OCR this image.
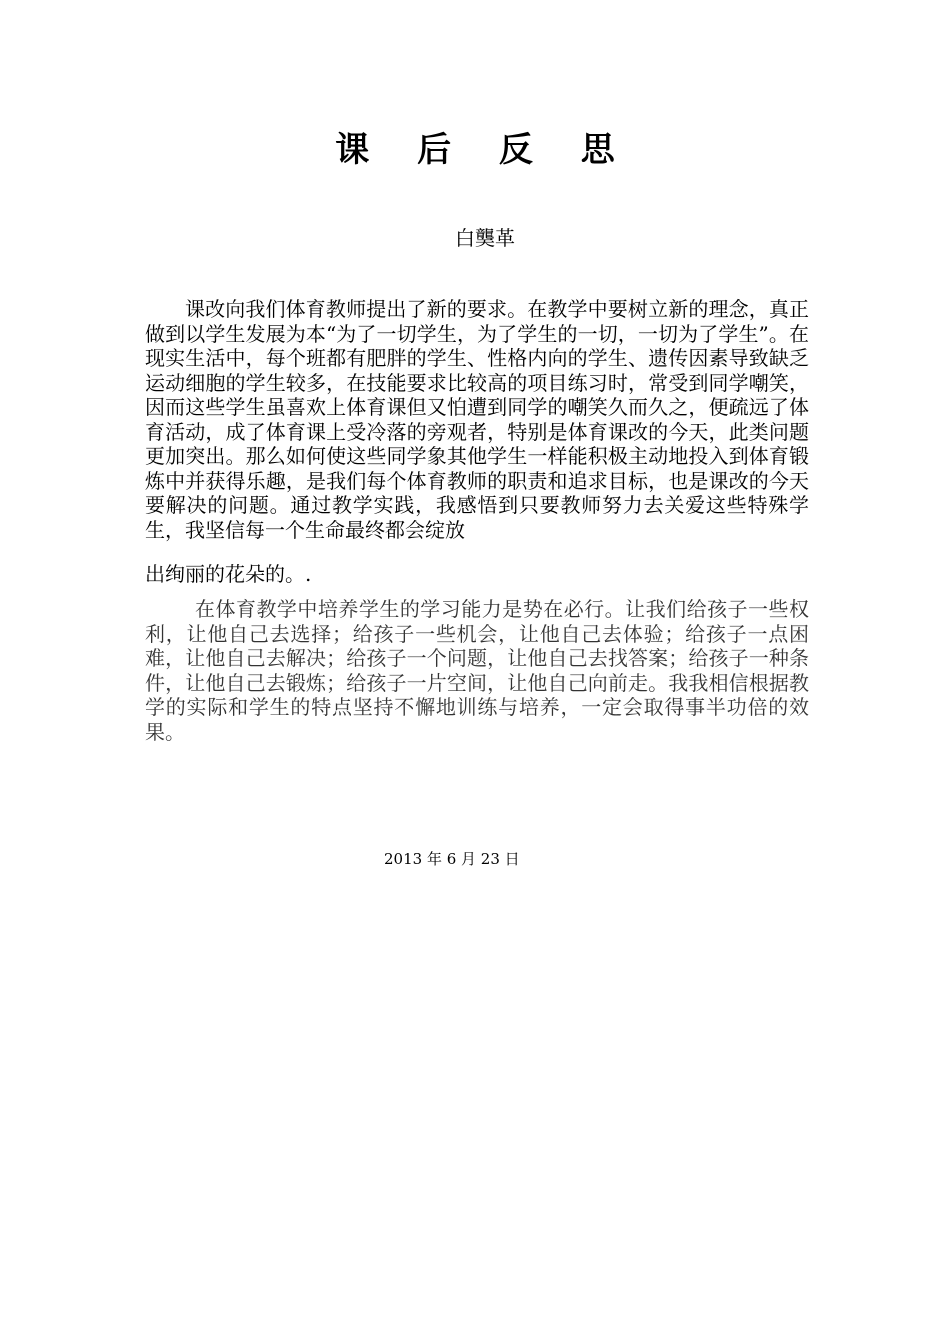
课 后 反 思

白龑革

课改向我们体育教师提出了新的要求。在教学中要树立新的理念，真正做到以学生发展为本“为了一切学生，为了学生的一切，一切为了学生”。在现实生活中，每个班都有肥胖的学生、性格内向的学生、遗传因素导致缺乏运动细胞的学生较多，在技能要求比较高的项目练习时，常受到同学嘲笑，因而这些学生虽喜欢上体育课但又怕遭到同学的嘲笑久而久之，便疏远了体育活动，成了体育课上受冷落的旁观者，特别是体育课改的今天，此类问题更加突出。那么如何使这些同学象其他学生一样能积极主动地投入到体育锻炼中并获得乐趣，是我们每个体育教师的职责和追求目标，也是课改的今天要解决的问题。通过教学实践，我感悟到只要教师努力去关爱这些特殊学生，我坚信每一个生命最终都会绽放

出绚丽的花朵的。.

在体育教学中培养学生的学习能力是势在必行。让我们给孩子一些权利，让他自己去选择；给孩子一些机会，让他自己去体验；给孩子一点困难，让他自己去解决；给孩子一个问题，让他自己去找答案；给孩子一种条件，让他自己去锻炼；给孩子一片空间，让他自己向前走。我我相信根据教学的实际和学生的特点坚持不懈地训练与培养，一定会取得事半功倍的效果。

2013 年 6 月 23 日
